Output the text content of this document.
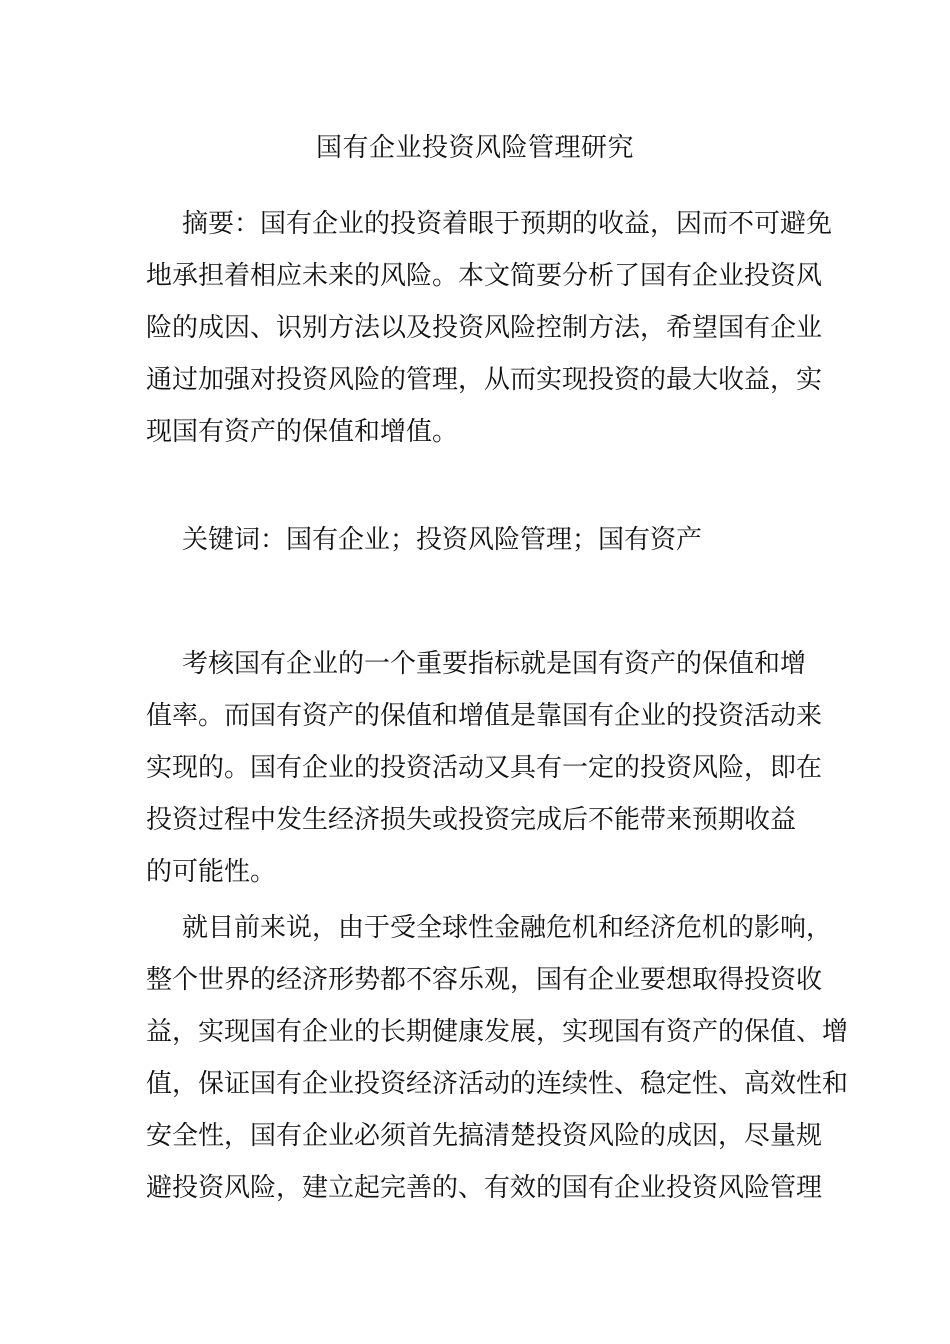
国有企业投资风险管理研究
摘要：国有企业的投资着眼于预期的收益，因而不可避免
地承担着相应未来的风险。本文简要分析了国有企业投资风
险的成因、识别方法以及投资风险控制方法，希望国有企业
通过加强对投资风险的管理，从而实现投资的最大收益，实
现国有资产的保值和增值。
关键词：国有企业；投资风险管理；国有资产
考核国有企业的一个重要指标就是国有资产的保值和增
值率。而国有资产的保值和增值是靠国有企业的投资活动来
实现的。国有企业的投资活动又具有一定的投资风险，即在
投资过程中发生经济损失或投资完成后不能带来预期收益
的可能性。
就目前来说，由于受全球性金融危机和经济危机的影响，
整个世界的经济形势都不容乐观，国有企业要想取得投资收
益，实现国有企业的长期健康发展，实现国有资产的保值、增
值，保证国有企业投资经济活动的连续性、稳定性、高效性和
安全性，国有企业必须首先搞清楚投资风险的成因，尽量规
避投资风险，建立起完善的、有效的国有企业投资风险管理
